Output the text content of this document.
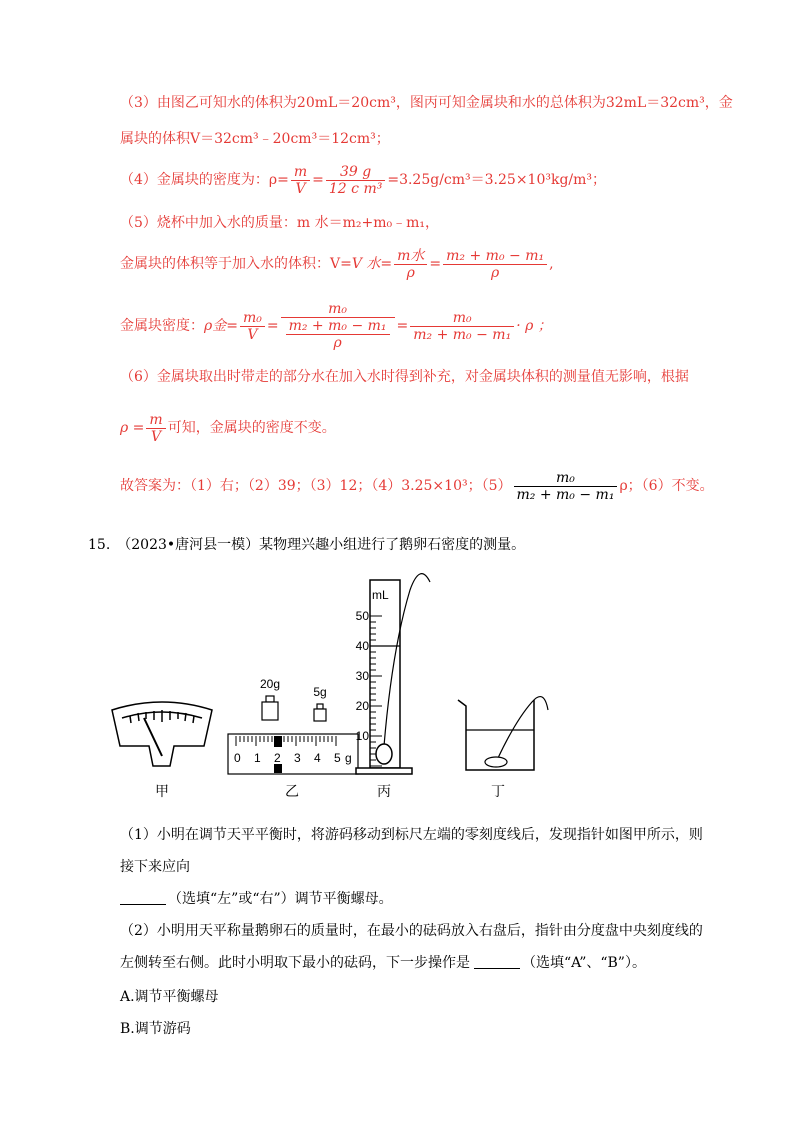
（3）由图乙可知水的体积为20mL＝20cm³，图丙可知金属块和水的总体积为32mL＝32cm³，金
属块的体积V＝32cm³﹣20cm³＝12cm³；
（4）金属块的密度为：$\rho= \frac{m}{V} = \frac{39 g}{\text{12 c m³}} =3.25g/cm^3=3.25\times 10^3kg/m^3$；
（5）烧杯中加入水的质量：m 水＝m₂+m₀﹣m₁，
金属块的体积等于加入水的体积：V=V 水= $\frac{\text{m水}}{\rho} = \frac{\text{m₂ + m₀ − m₁}}{\rho}$ ,
金属块密度：ρ金= $\frac{\text{m₀}}{V} = \frac{\text{m₀}}{\frac{\text{m₂ + m₀ − m₁}}{\rho}} = \frac{\text{m₀}}{\text{m₂ + m₀ − m₁}} \cdot \rho$ ；
（6）金属块取出时带走的部分水在加入水时得到补充，对金属块体积的测量值无影响，根据
$\rho = \frac{m}{V}$ 可知，金属块的密度不变。
故答案为：（1）右；（2）39；（3）12；（4）3.25×10³；$(5) \frac{\text{m₀}}{\text{m₂ + m₀ − m₁}}$ ρ；（6）不变。
15.　（2023•唐河县一模）某物理兴趣小组进行了鹅卵石密度的测量。
20g
5g
0 1 2 3 4 5 g
mL
50
40
30
20
10
甲	乙	丙	丁
（1）小明在调节天平平衡时，将游码移动到标尺左端的零刻度线后，发现指针如图甲所示，则
接下来应向
（选填“左”或“右”）调节平衡螺母。
（2）小明用天平称量鹅卵石的质量时，在最小的砝码放入右盘后，指针由分度盘中央刻度线的
左侧转至右侧。此时小明取下最小的砝码，下一步操作是	（选填“A”、“B”）。
A.调节平衡螺母
B.调节游码
